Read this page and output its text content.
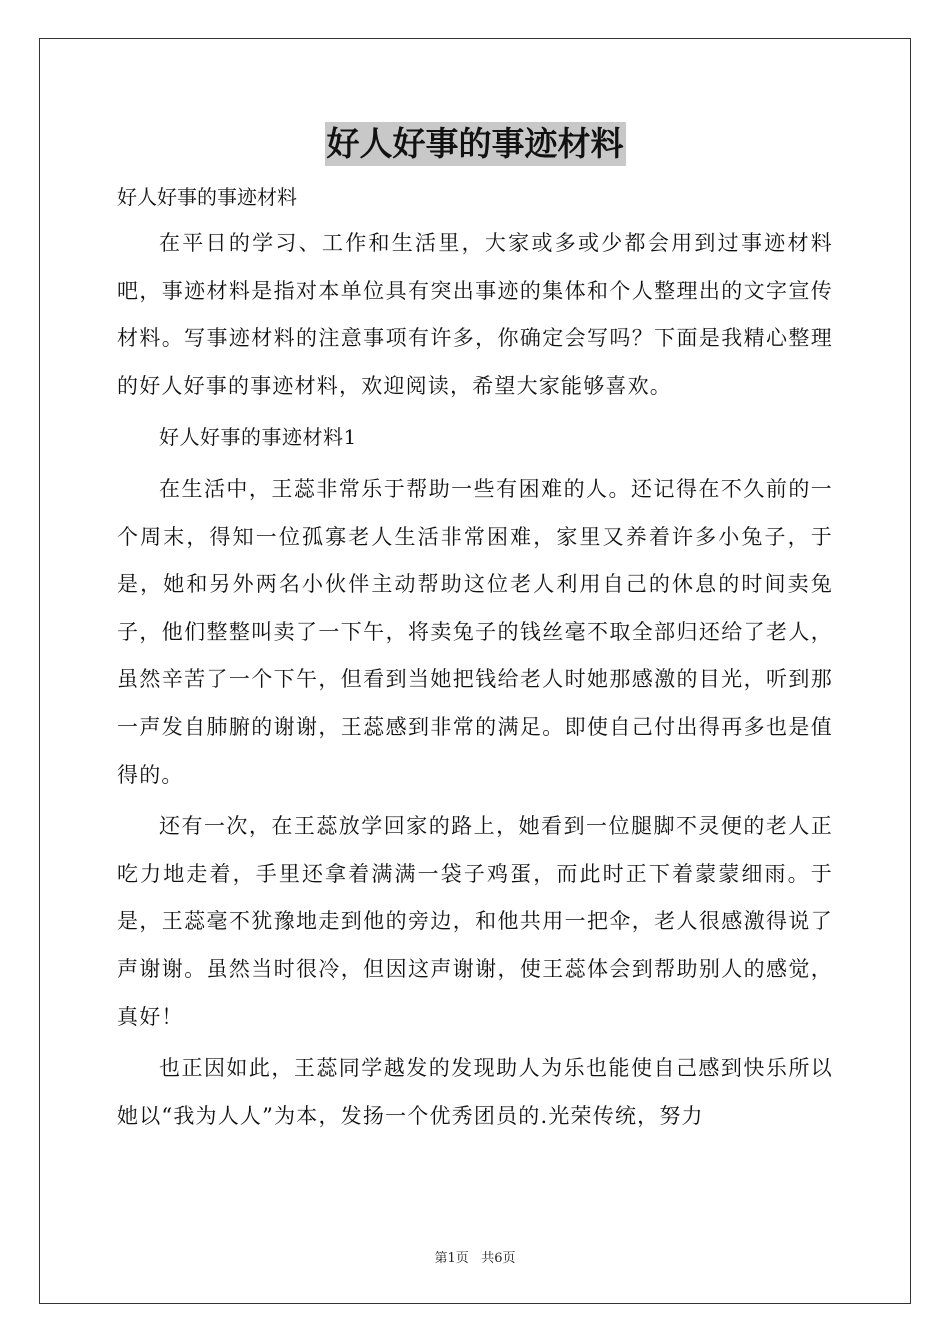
好人好事的事迹材料

好人好事的事迹材料

在平日的学习、工作和生活里，大家或多或少都会用到过事迹材料吧，事迹材料是指对本单位具有突出事迹的集体和个人整理出的文字宣传材料。写事迹材料的注意事项有许多，你确定会写吗？下面是我精心整理的好人好事的事迹材料，欢迎阅读，希望大家能够喜欢。

好人好事的事迹材料1

在生活中，王蕊非常乐于帮助一些有困难的人。还记得在不久前的一个周末，得知一位孤寡老人生活非常困难，家里又养着许多小兔子，于是，她和另外两名小伙伴主动帮助这位老人利用自己的休息的时间卖兔子，他们整整叫卖了一下午，将卖兔子的钱丝毫不取全部归还给了老人，虽然辛苦了一个下午，但看到当她把钱给老人时她那感激的目光，听到那一声发自肺腑的谢谢，王蕊感到非常的满足。即使自己付出得再多也是值得的。

还有一次，在王蕊放学回家的路上，她看到一位腿脚不灵便的老人正吃力地走着，手里还拿着满满一袋子鸡蛋，而此时正下着蒙蒙细雨。于是，王蕊毫不犹豫地走到他的旁边，和他共用一把伞，老人很感激得说了声谢谢。虽然当时很冷，但因这声谢谢，使王蕊体会到帮助别人的感觉，真好！

也正因如此，王蕊同学越发的发现助人为乐也能使自己感到快乐所以她以“我为人人”为本，发扬一个优秀团员的.光荣传统，努力

第1页 共6页
